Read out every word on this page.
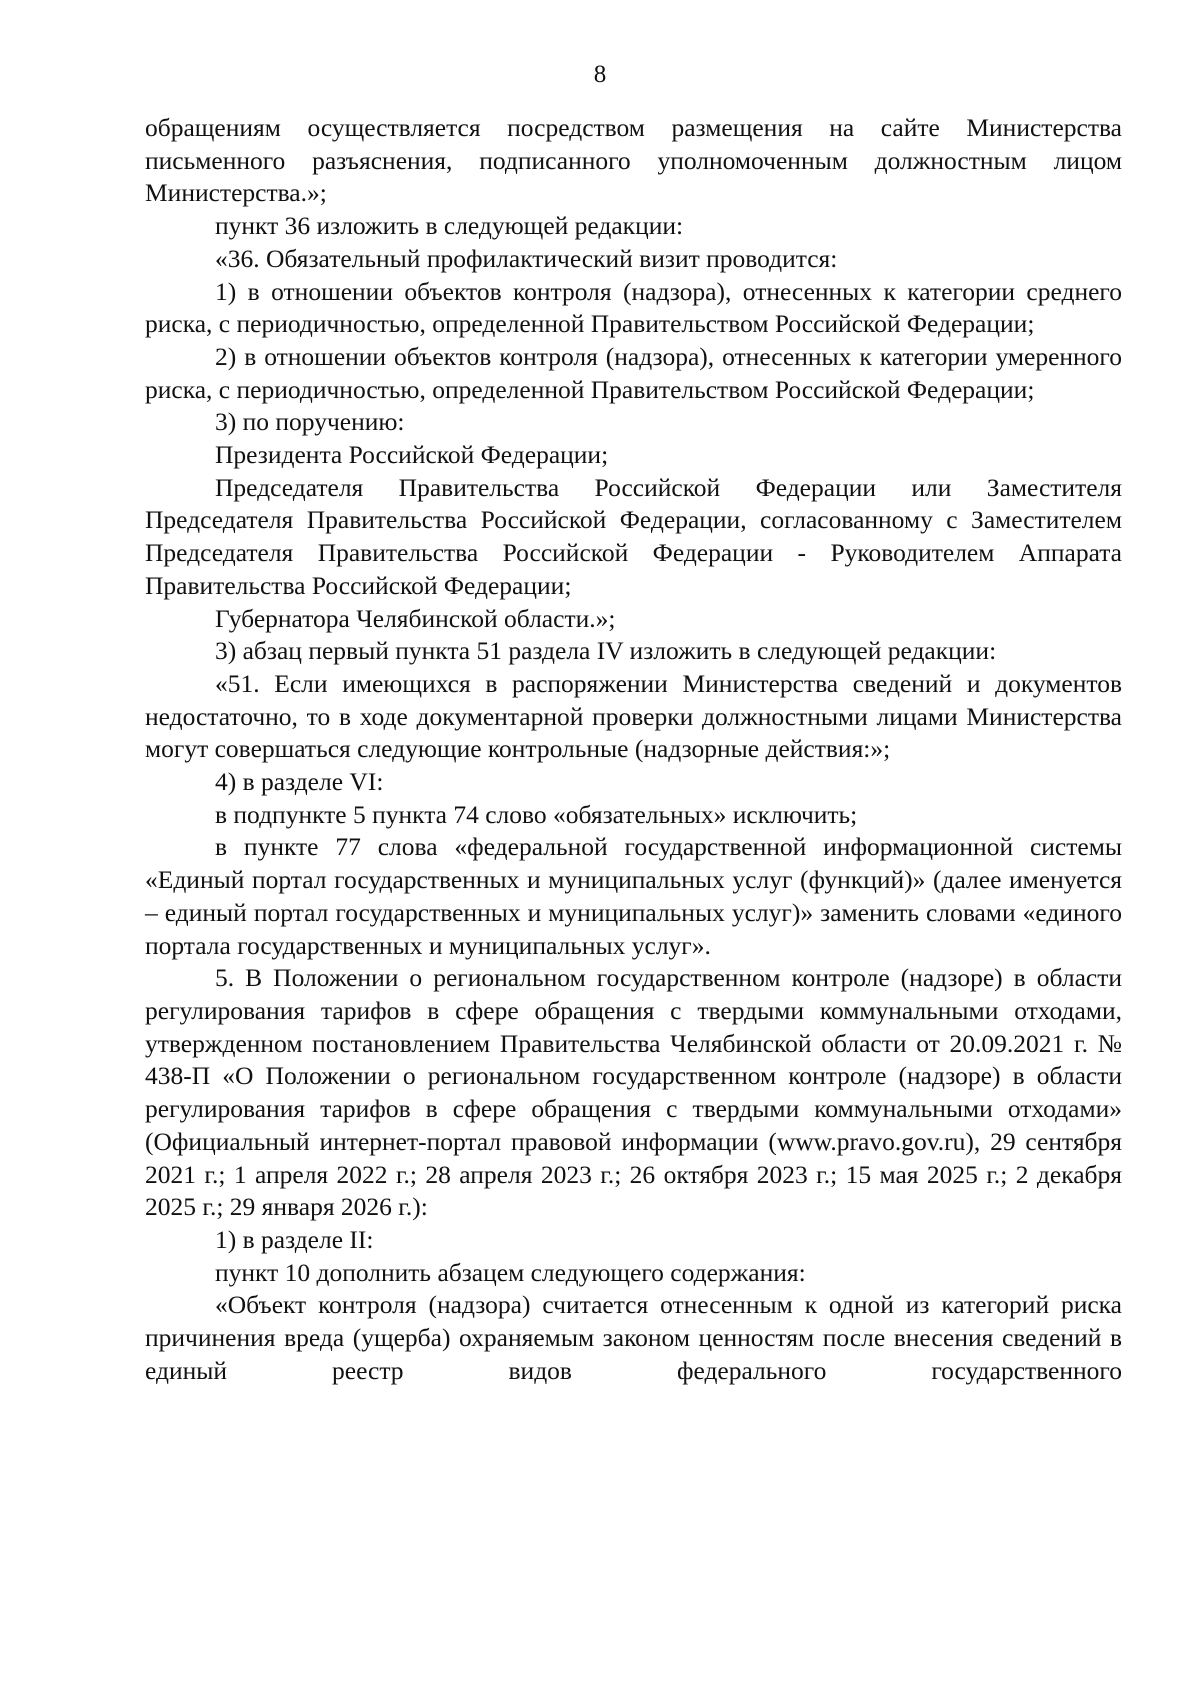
8

обращениям осуществляется посредством размещения на сайте Министерства письменного разъяснения, подписанного уполномоченным должностным лицом Министерства.»;

пункт 36 изложить в следующей редакции:

«36. Обязательный профилактический визит проводится:

1) в отношении объектов контроля (надзора), отнесенных к категории среднего риска, с периодичностью, определенной Правительством Российской Федерации;

2) в отношении объектов контроля (надзора), отнесенных к категории умеренного риска, с периодичностью, определенной Правительством Российской Федерации;

3) по поручению:

Президента Российской Федерации;

Председателя Правительства Российской Федерации или Заместителя Председателя Правительства Российской Федерации, согласованному с Заместителем Председателя Правительства Российской Федерации - Руководителем Аппарата Правительства Российской Федерации;

Губернатора Челябинской области.»;

3) абзац первый пункта 51 раздела IV изложить в следующей редакции:

«51. Если имеющихся в распоряжении Министерства сведений и документов недостаточно, то в ходе документарной проверки должностными лицами Министерства могут совершаться следующие контрольные (надзорные действия:»;

4) в разделе VI:

в подпункте 5 пункта 74 слово «обязательных» исключить;

в пункте 77 слова «федеральной государственной информационной системы «Единый портал государственных и муниципальных услуг (функций)» (далее именуется – единый портал государственных и муниципальных услуг)» заменить словами «единого портала государственных и муниципальных услуг».

5. В Положении о региональном государственном контроле (надзоре) в области регулирования тарифов в сфере обращения с твердыми коммунальными отходами, утвержденном постановлением Правительства Челябинской области от 20.09.2021 г. № 438-П «О Положении о региональном государственном контроле (надзоре) в области регулирования тарифов в сфере обращения с твердыми коммунальными отходами» (Официальный интернет-портал правовой информации (www.pravo.gov.ru), 29 сентября 2021 г.; 1 апреля 2022 г.; 28 апреля 2023 г.; 26 октября 2023 г.; 15 мая 2025 г.; 2 декабря 2025 г.; 29 января 2026 г.):

1) в разделе II:

пункт 10 дополнить абзацем следующего содержания:

«Объект контроля (надзора) считается отнесенным к одной из категорий риска причинения вреда (ущерба) охраняемым законом ценностям после внесения сведений в единый реестр видов федерального государственного
